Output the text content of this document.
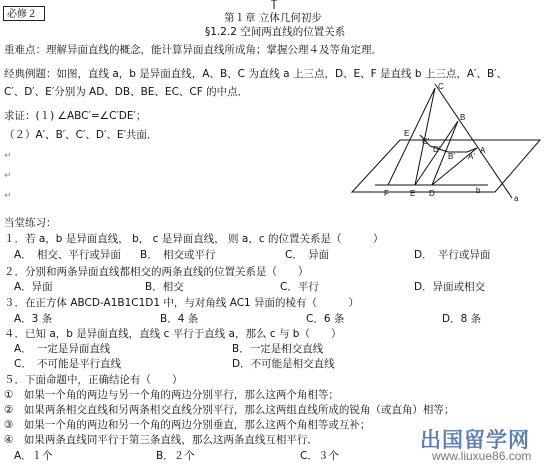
必修２	第１章 立体几何初步
§1.2.2 空间两直线的位置关系
重难点：理解异面直线的概念，能计算异面直线所成角；掌握公理４及等角定理．
经典例题：如图，直线 a，b 是异面直线，A、B、C 为直线 a 上三点，D、E、F 是直线 b 上三点，A′、B′、
C′、D′、E′分别为 AD、DB、BE、EC、CF 的中点．
求证：(１) ∠ABC′=∠C′DE′；
（２）A′、B′、C′、D′、E′共面．
↵
↵
↵
C
B
E
C'
D'
B' A'
A
F	E D	b
a
当堂练习：
１．若 a，b 是异面直线， b， c 是异面直线， 则 a，c 的位置关系是（　　　）
A．　相交、平行或异面 B．　相交或平行	C．　异面	D．　平行或异面
２．分别和两条异面直线都相交的两条直线的位置关系是（　　）
A．异面	B．相交	C．平行	D．异面或相交
３．在正方体 ABCD-A1B1C1D1 中，与对角线 AC1 异面的棱有（　　　）
A．3 条	B．4 条	C．6 条	D．8 条
４．已知 a，b 是异面直线，直线 c 平行于直线 a，那么 c 与 b（　　）
A．　一定是异面直线	B．一定是相交直线
C．　不可能是平行直线	D．不可能是相交直线
５．下面命题中，正确结论有（　　）
①　如果一个角的两边与另一个角的两边分别平行，那么这两个角相等；
②　如果两条相交直线和另两条相交直线分别平行，那么这两组直线所成的锐角（或直角）相等；
③　如果一个角的两边和另一个角的两边分别垂直，那么这两个角相等或互补；
④　如果两条直线同平行于第三条直线，那么这两条直线互相平行．
A．１个	B．２个	C．３个
出国留学网
www.liuxue86.com
